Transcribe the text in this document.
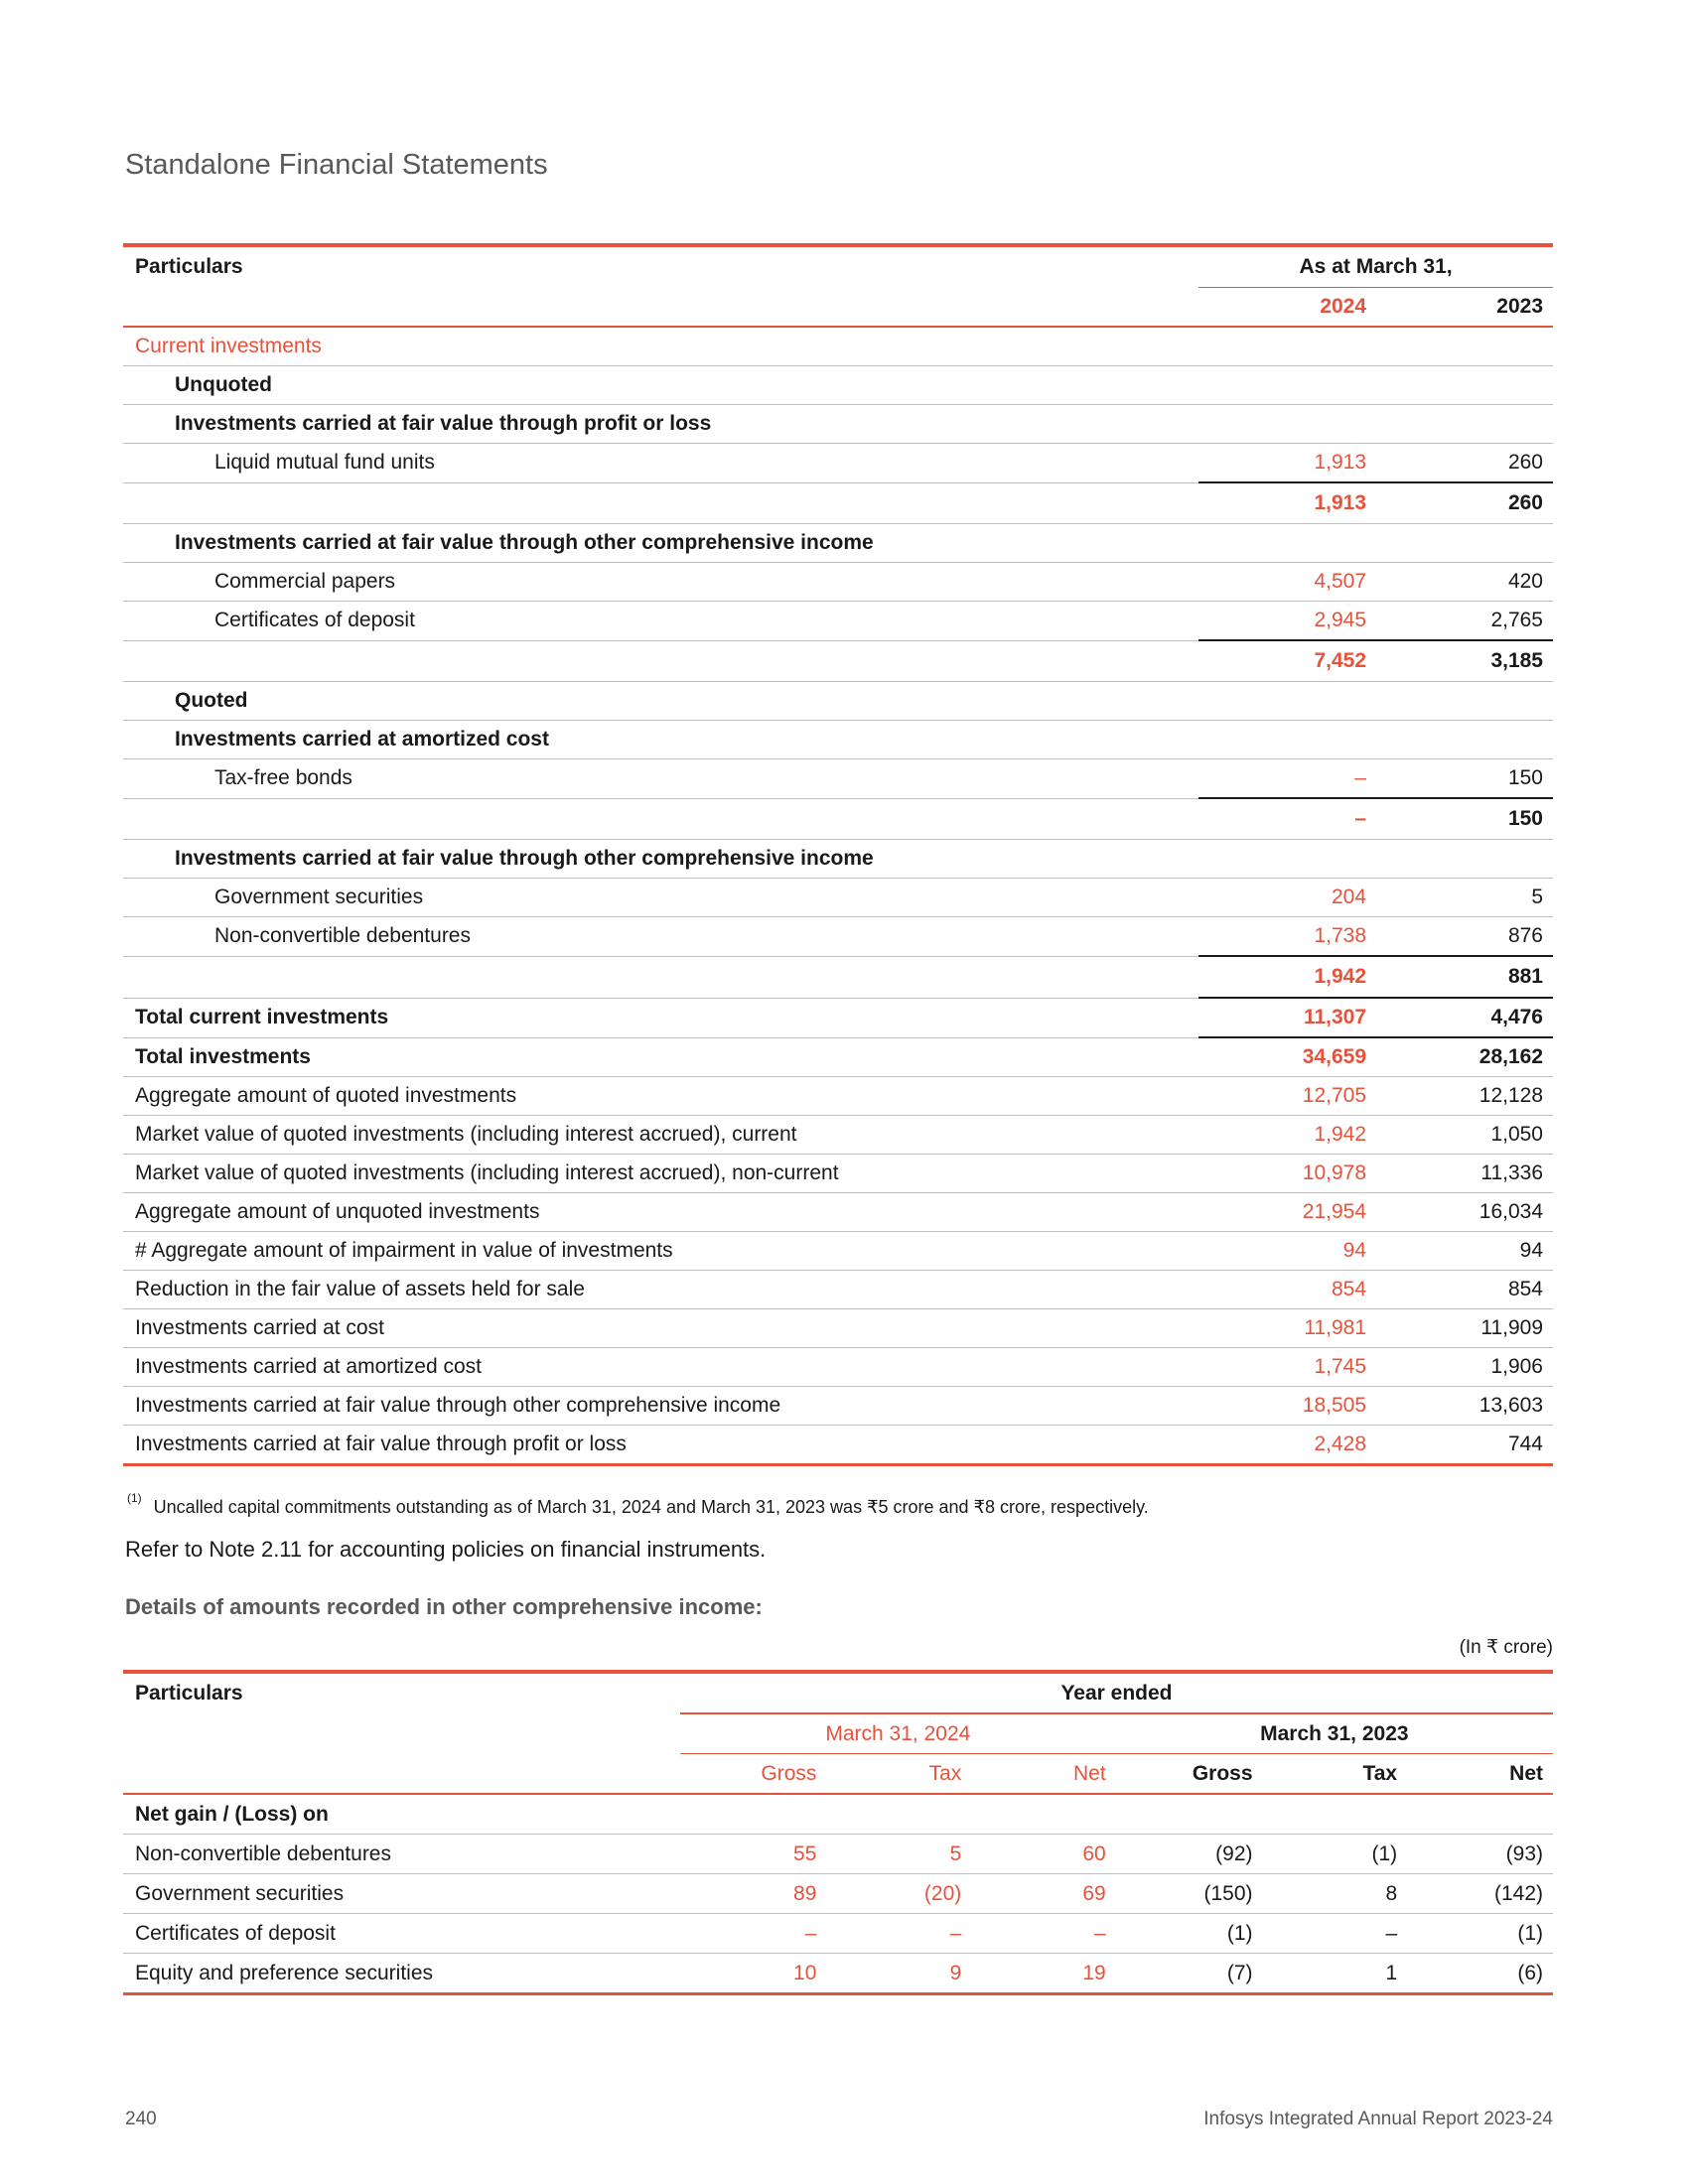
Standalone Financial Statements
Particulars	As at March 31,	
	2024	2023
Current investments		
Unquoted		
Investments carried at fair value through profit or loss		
Liquid mutual fund units	1,913	260
	1,913	260
Investments carried at fair value through other comprehensive income		
Commercial papers	4,507	420
Certificates of deposit	2,945	2,765
	7,452	3,185
Quoted		
Investments carried at amortized cost		
Tax-free bonds	–	150
	–	150
Investments carried at fair value through other comprehensive income		
Government securities	204	5
Non-convertible debentures	1,738	876
	1,942	881
Total current investments	11,307	4,476
Total investments	34,659	28,162
Aggregate amount of quoted investments	12,705	12,128
Market value of quoted investments (including interest accrued), current	1,942	1,050
Market value of quoted investments (including interest accrued), non-current	10,978	11,336
Aggregate amount of unquoted investments	21,954	16,034
# Aggregate amount of impairment in value of investments	94	94
Reduction in the fair value of assets held for sale	854	854
Investments carried at cost	11,981	11,909
Investments carried at amortized cost	1,745	1,906
Investments carried at fair value through other comprehensive income	18,505	13,603
Investments carried at fair value through profit or loss	2,428	744
$^{(1)}$ Uncalled capital commitments outstanding as of March 31, 2024 and March 31, 2023 was ₹5 crore and ₹8 crore, respectively.
Refer to Note 2.11 for accounting policies on financial instruments.
Details of amounts recorded in other comprehensive income:
(In ₹ crore)
Particulars	Year ended					
	March 31, 2024			March 31, 2023		
	Gross	Tax	Net	Gross	Tax	Net
Net gain / (Loss) on						
Non-convertible debentures	55	5	60	(92)	(1)	(93)
Government securities	89	(20)	69	(150)	8	(142)
Certificates of deposit	–	–	–	(1)	–	(1)
Equity and preference securities	10	9	19	(7)	1	(6)
240	Infosys Integrated Annual Report 2023-24
